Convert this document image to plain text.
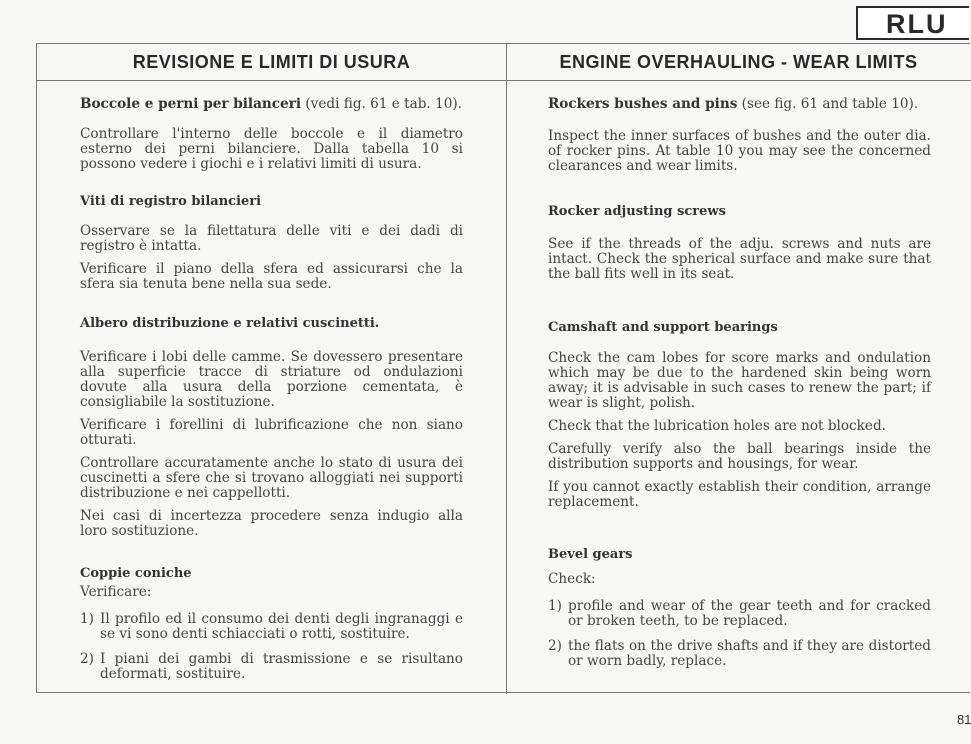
RLU
REVISIONE E LIMITI DI USURA	ENGINE OVERHAULING - WEAR LIMITS

Boccole e perni per bilanceri (vedi fig. 61 e tab. 10).

Controllare l'interno delle boccole e il diametro esterno dei perni bilanciere. Dalla tabella 10 si possono vedere i giochi e i relativi limiti di usura.

Viti di registro bilancieri

Osservare se la filettatura delle viti e dei dadi di registro è intatta.

Verificare il piano della sfera ed assicurarsi che la sfera sia tenuta bene nella sua sede.

Albero distribuzione e relativi cuscinetti.

Verificare i lobi delle camme. Se dovessero presentare alla superficie tracce di striature od ondulazioni dovute alla usura della porzione cementata, è consigliabile la sostituzione.

Verificare i forellini di lubrificazione che non siano otturati.

Controllare accuratamente anche lo stato di usura dei cuscinetti a sfere che si trovano alloggiati nei supporti distribuzione e nei cappellotti.

Nei casi di incertezza procedere senza indugio alla loro sostituzione.

Coppie coniche

Verificare:

1) Il profilo ed il consumo dei denti degli ingranaggi e se vi sono denti schiacciati o rotti, sostituire.
2) I piani dei gambi di trasmissione e se risultano deformati, sostituire.

Rockers bushes and pins (see fig. 61 and table 10).

Inspect the inner surfaces of bushes and the outer dia. of rocker pins. At table 10 you may see the concerned clearances and wear limits.

Rocker adjusting screws

See if the threads of the adju. screws and nuts are intact. Check the spherical surface and make sure that the ball fits well in its seat.

Camshaft and support bearings

Check the cam lobes for score marks and ondulation which may be due to the hardened skin being worn away; it is advisable in such cases to renew the part; if wear is slight, polish.

Check that the lubrication holes are not blocked.

Carefully verify also the ball bearings inside the distribution supports and housings, for wear.

If you cannot exactly establish their condition, arrange replacement.

Bevel gears

Check:

1) profile and wear of the gear teeth and for cracked or broken teeth, to be replaced.
2) the flats on the drive shafts and if they are distorted or worn badly, replace.
81
